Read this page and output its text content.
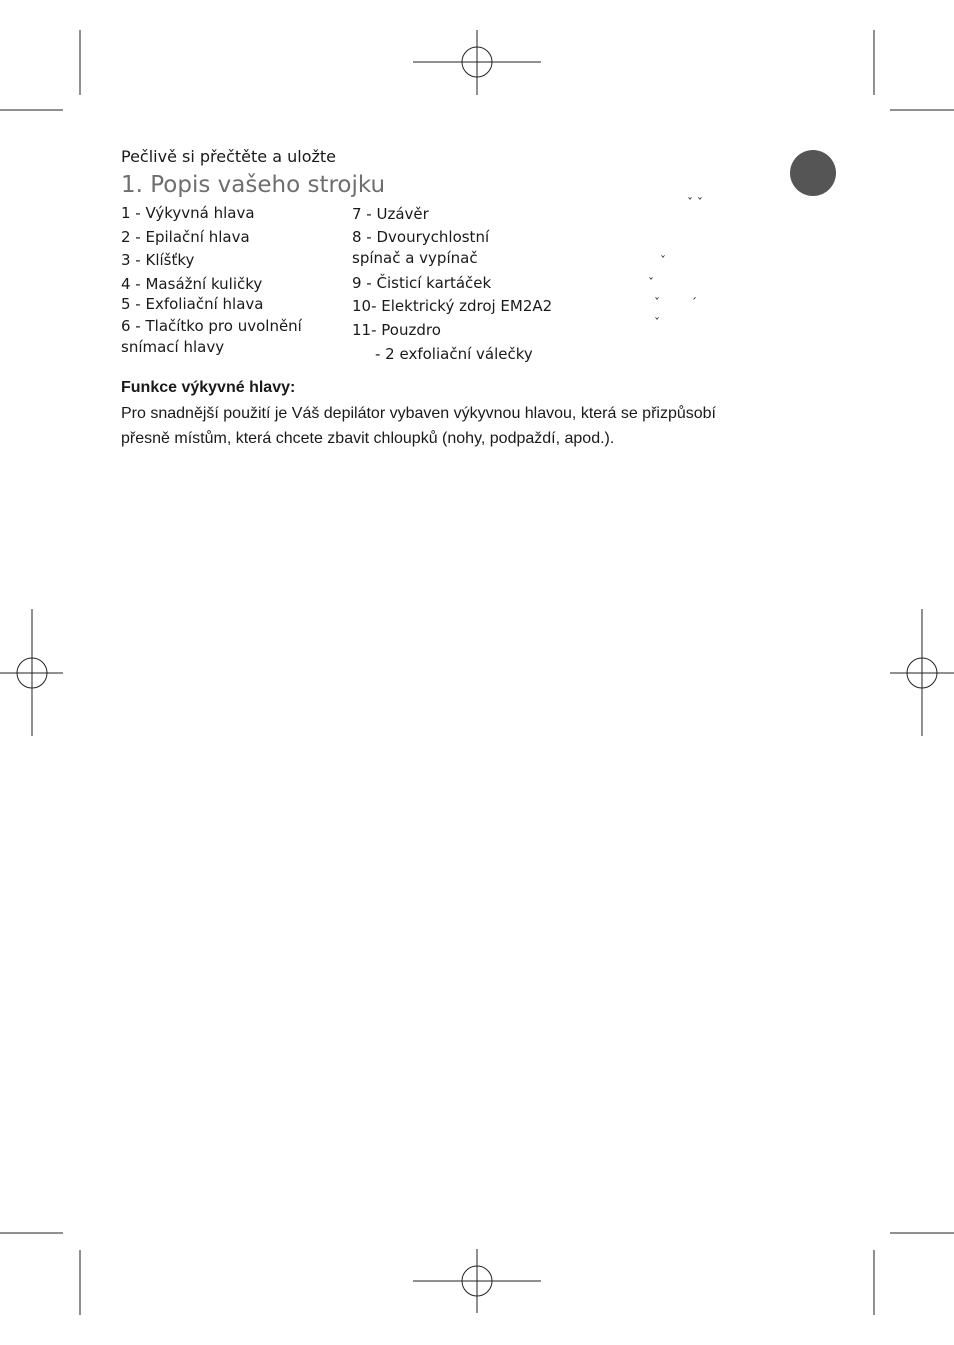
Pečlivě si přečtěte a uložte
1. Popis vašeho strojku
1 - Výkyvná hlava
2 - Epilační hlava
3 - Klíšťky
4 - Masážní kuličky
5 - Exfoliační hlava
6 - Tlačítko pro uvolnění
snímací hlavy
7 - Uzávěr
8 - Dvourychlostní
spínač a vypínač
9 - Čisticí kartáček
10- Elektrický zdroj EM2A2
11- Pouzdro
- 2 exfoliační válečky
ˇ ˇ
ˇ
ˇ
ˇ	´
ˇ
Funkce výkyvné hlavy:
Pro snadnější použití je Váš depilátor vybaven výkyvnou hlavou, která se přizpůsobí
přesně místům, která chcete zbavit chloupků (nohy, podpaždí, apod.).
